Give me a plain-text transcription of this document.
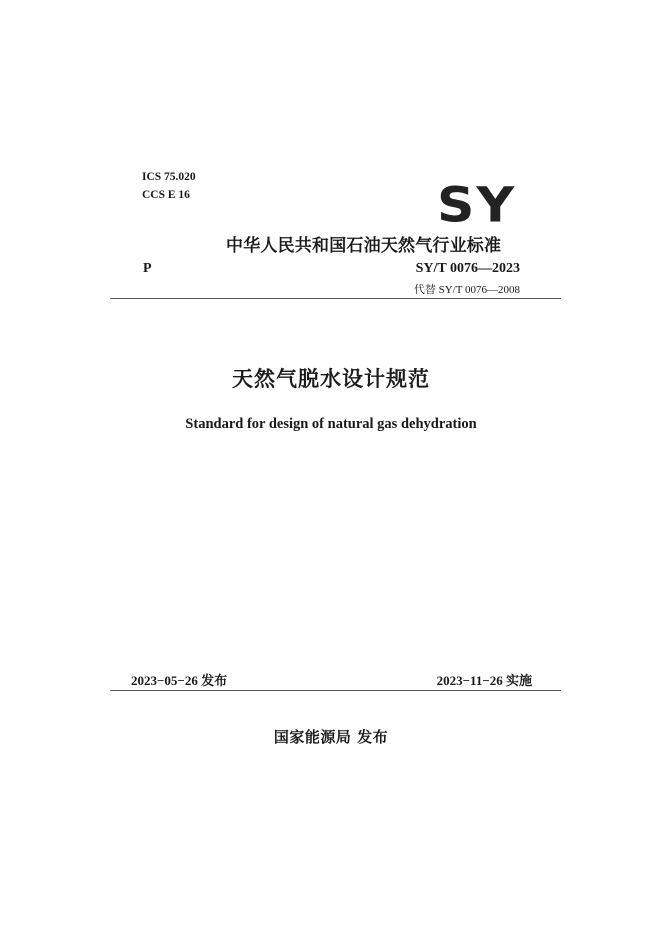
ICS 75.020
CCS E 16	SY
中华人民共和国石油天然气行业标准
P	SY/T 0076—2023
代替 SY/T 0076—2008
天然气脱水设计规范
Standard for design of natural gas dehydration
2023−05−26 发布	2023−11−26 实施
国家能源局 发布
